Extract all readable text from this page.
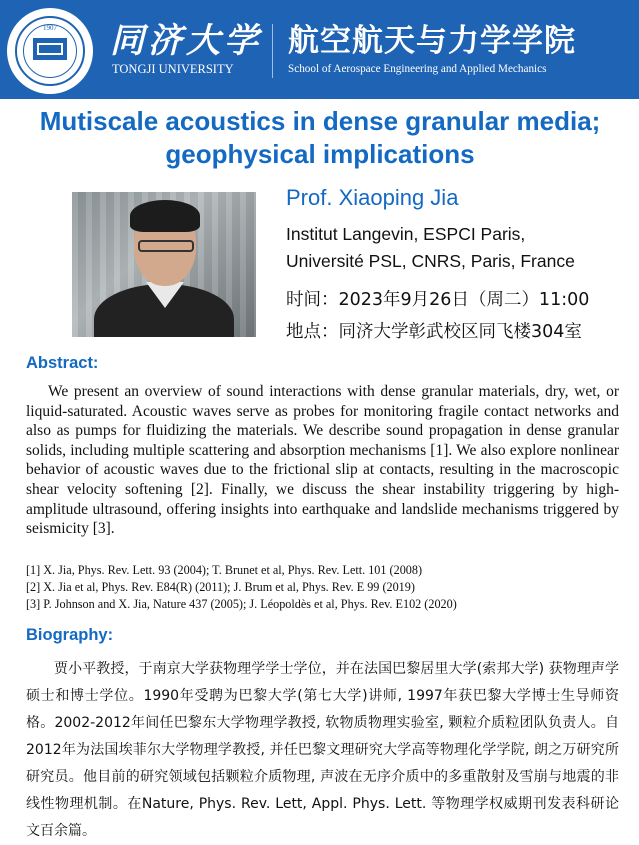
1907	同济大学
TONGJI UNIVERSITY
航空航天与力学学院
School of Aerospace Engineering and Applied Mechanics
Mutiscale acoustics in dense granular media; geophysical implications
Prof. Xiaoping Jia
Institut Langevin, ESPCI Paris,
Université PSL, CNRS, Paris, France
时间：2023年9月26日（周二）11:00
地点：同济大学彰武校区同飞楼304室
Abstract:
We present an overview of sound interactions with dense granular materials, dry, wet, or liquid-saturated. Acoustic waves serve as probes for monitoring fragile contact networks and also as pumps for fluidizing the materials. We describe sound propagation in dense granular solids, including multiple scattering and absorption mechanisms [1]. We also explore nonlinear behavior of acoustic waves due to the frictional slip at contacts, resulting in the macroscopic shear velocity softening [2]. Finally, we discuss the shear instability triggering by high-amplitude ultrasound, offering insights into earthquake and landslide mechanisms triggered by seismicity [3].
[1] X. Jia, Phys. Rev. Lett. 93 (2004); T. Brunet et al, Phys. Rev. Lett. 101 (2008)
[2] X. Jia et al, Phys. Rev. E84(R) (2011); J. Brum et al, Phys. Rev. E 99 (2019)
[3] P. Johnson and X. Jia, Nature 437 (2005); J. Léopoldès et al, Phys. Rev. E102 (2020)
Biography:
贾小平教授，于南京大学获物理学学士学位，并在法国巴黎居里大学(索邦大学) 获物理声学硕士和博士学位。1990年受聘为巴黎大学(第七大学)讲师, 1997年获巴黎大学博士生导师资格。2002-2012年间任巴黎东大学物理学教授, 软物质物理实验室, 颗粒介质粒团队负责人。自2012年为法国埃菲尔大学物理学教授, 并任巴黎文理研究大学高等物理化学学院, 朗之万研究所研究员。他目前的研究领域包括颗粒介质物理, 声波在无序介质中的多重散射及雪崩与地震的非线性物理机制。在Nature, Phys. Rev. Lett, Appl. Phys. Lett. 等物理学权威期刊发表科研论文百余篇。
